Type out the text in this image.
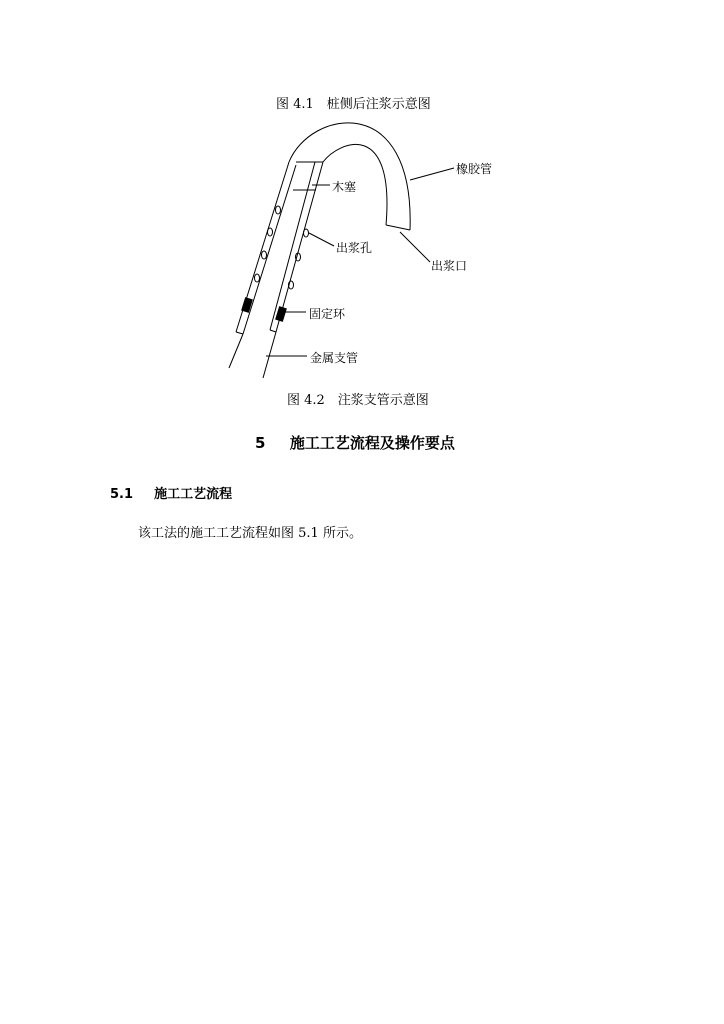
图 4.1　桩侧后注浆示意图
橡胶管
木塞
出浆孔
出浆口
固定环
金属支管
图 4.2　注浆支管示意图
5 施工工艺流程及操作要点
5.1 施工工艺流程
该工法的施工工艺流程如图 5.1 所示。
